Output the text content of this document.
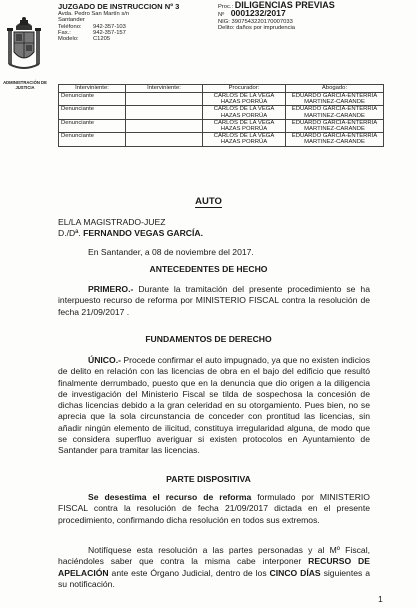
ADMINISTRACIÓN DE JUSTICIA
JUZGADO DE INSTRUCCION Nº 3
Avda. Pedro San Martín s/n
Santander
Teléfono:	942-357-103
Fax.:	942-357-157
Modelo:	C1205
Proc.: DILIGENCIAS PREVIAS
Nº 0001232/2017
NIG: 3907543220170007033
Delito: daños por imprudencia
Interviniente:	Interviniente:	Procurador:	Abogado:
Denunciante		CARLOS DE LA VEGA HAZAS PORRÚA	EDUARDO GARCÍA-ENTERRIA MARTINEZ-CARANDE
Denunciante		CARLOS DE LA VEGA HAZAS PORRÚA	EDUARDO GARCÍA-ENTERRIA MARTINEZ-CARANDE
Denunciante		CARLOS DE LA VEGA HAZAS PORRÚA	EDUARDO GARCÍA-ENTERRIA MARTINEZ-CARANDE
Denunciante		CARLOS DE LA VEGA HAZAS PORRÚA	EDUARDO GARCÍA-ENTERRIA MARTINEZ-CARANDE
AUTO
EL/LA MAGISTRADO-JUEZ
D./Dª. FERNANDO VEGAS GARCÍA.
En Santander, a 08 de noviembre del 2017.
ANTECEDENTES DE HECHO
PRIMERO.- Durante la tramitación del presente procedimiento se ha interpuesto recurso de reforma por MINISTERIO FISCAL contra la resolución de fecha 21/09/2017 .
FUNDAMENTOS DE DERECHO
ÚNICO.- Procede confirmar el auto impugnado, ya que no existen indicios de delito en relación con las licencias de obra en el bajo del edificio que resultó finalmente derrumbado, puesto que en la denuncia que dio origen a la diligencia de investigación del Ministerio Fiscal se tilda de sospechosa la concesión de dichas licencias debido a la gran celeridad en su otorgamiento. Pues bien, no se aprecia que la sola circunstancia de conceder con prontitud las licencias, sin añadir ningún elemento de ilicitud, constituya irregularidad alguna, de modo que se considera superfluo averiguar si existen protocolos en Ayuntamiento de Santander para tramitar las licencias.
PARTE DISPOSITIVA
Se desestima el recurso de reforma formulado por MINISTERIO FISCAL contra la resolución de fecha 21/09/2017 dictada en el presente procedimiento, confirmando dicha resolución en todos sus extremos.
Notifíquese esta resolución a las partes personadas y al Mº Fiscal, haciéndoles saber que contra la misma cabe interponer RECURSO DE APELACIÓN ante este Órgano Judicial, dentro de los CINCO DÍAS siguientes a su notificación.
1
